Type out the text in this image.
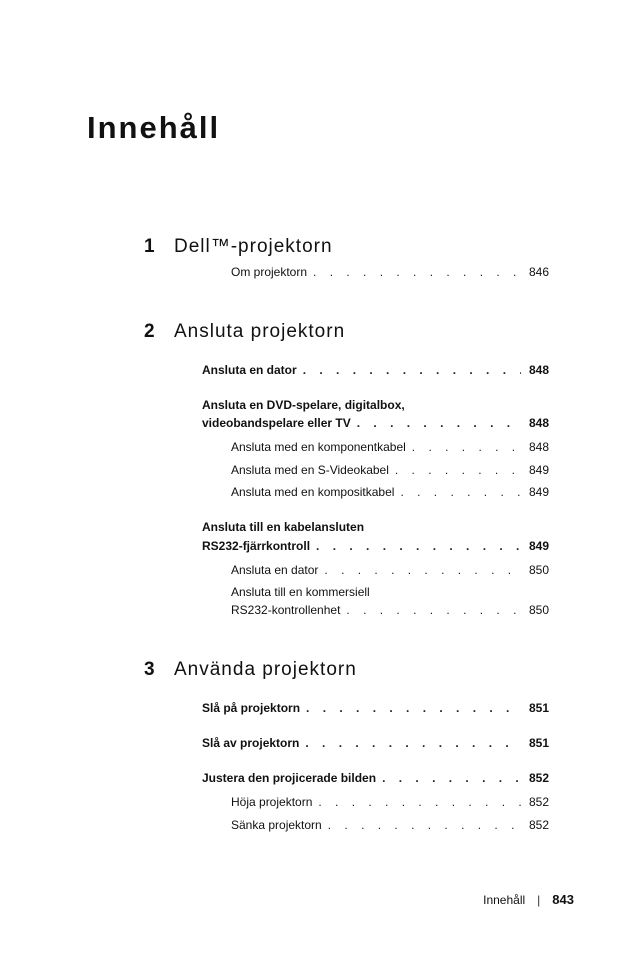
Innehåll
1 Dell™-projektorn
Om projektorn . . .	846
2 Ansluta projektorn
Ansluta en dator . . .	848
Ansluta en DVD-spelare, digitalbox,
videobandspelare eller TV . . .	848
Ansluta med en komponentkabel . . .	848
Ansluta med en S-Videokabel . . .	849
Ansluta med en kompositkabel . . .	849
Ansluta till en kabelansluten
RS232-fjärrkontroll . . .	849
Ansluta en dator . . .	850
Ansluta till en kommersiell
RS232-kontrollenhet . . .	850
3 Använda projektorn
Slå på projektorn . . .	851
Slå av projektorn . . .	851
Justera den projicerade bilden . . .	852
Höja projektorn . . .	852
Sänka projektorn . . .	852
Innehåll | 843
